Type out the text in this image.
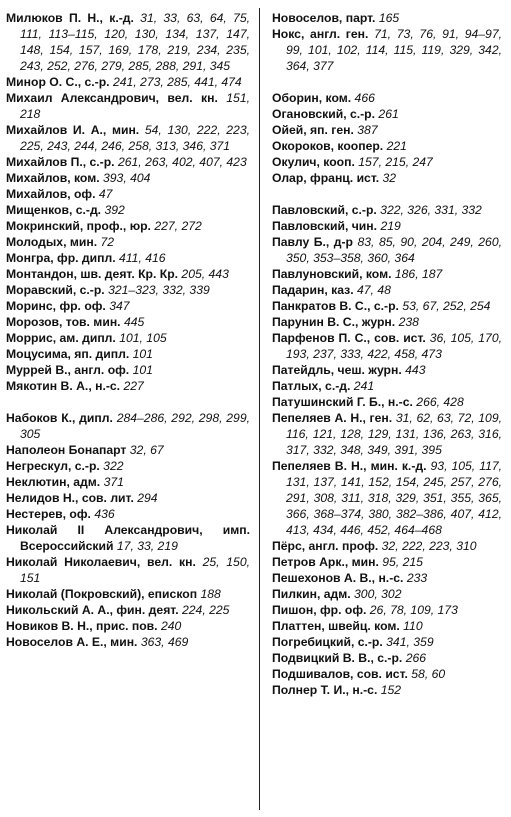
Милюков П. Н., к.-д. 31, 33, 63, 64, 75, 111, 113–115, 120, 130, 134, 137, 147, 148, 154, 157, 169, 178, 219, 234, 235, 243, 252, 276, 279, 285, 288, 291, 345

Минор О. С., с.-р. 241, 273, 285, 441, 474

Михаил Александрович, вел. кн. 151, 218

Михайлов И. А., мин. 54, 130, 222, 223, 225, 243, 244, 246, 258, 313, 346, 371

Михайлов П., с.-р. 261, 263, 402, 407, 423

Михайлов, ком. 393, 404

Михайлов, оф. 47

Мищенков, с.-д. 392

Мокринский, проф., юр. 227, 272

Молодых, мин. 72

Монгра, фр. дипл. 411, 416

Монтандон, шв. деят. Кр. Кр. 205, 443

Моравский, с.-р. 321–323, 332, 339

Моринс, фр. оф. 347

Морозов, тов. мин. 445

Моррис, ам. дипл. 101, 105

Моцусима, яп. дипл. 101

Муррей В., англ. оф. 101

Мякотин В. А., н.-с. 227

Набоков К., дипл. 284–286, 292, 298, 299, 305

Наполеон Бонапарт 32, 67

Негрескул, с.-р. 322

Неклютин, адм. 371

Нелидов Н., сов. лит. 294

Нестерев, оф. 436

Николай II Александрович, имп. Всероссийский 17, 33, 219

Николай Николаевич, вел. кн. 25, 150, 151

Николай (Покровский), епископ 188

Никольский А. А., фин. деят. 224, 225

Новиков В. Н., прис. пов. 240

Новоселов А. Е., мин. 363, 469

Новоселов, парт. 165

Нокс, англ. ген. 71, 73, 76, 91, 94–97, 99, 101, 102, 114, 115, 119, 329, 342, 364, 377

Оборин, ком. 466

Огановский, с.-р. 261

Ойей, яп. ген. 387

Окороков, коопер. 221

Окулич, кооп. 157, 215, 247

Олар, франц. ист. 32

Павловский, с.-р. 322, 326, 331, 332

Павловский, чин. 219

Павлу Б., д-р 83, 85, 90, 204, 249, 260, 350, 353–358, 360, 364

Павлуновский, ком. 186, 187

Падарин, каз. 47, 48

Панкратов В. С., с.-р. 53, 67, 252, 254

Парунин В. С., журн. 238

Парфенов П. С., сов. ист. 36, 105, 170, 193, 237, 333, 422, 458, 473

Патейдль, чеш. журн. 443

Патлых, с.-д. 241

Патушинский Г. Б., н.-с. 266, 428

Пепеляев А. Н., ген. 31, 62, 63, 72, 109, 116, 121, 128, 129, 131, 136, 263, 316, 317, 332, 348, 349, 391, 395

Пепеляев В. Н., мин. к.-д. 93, 105, 117, 131, 137, 141, 152, 154, 245, 257, 276, 291, 308, 311, 318, 329, 351, 355, 365, 366, 368–374, 380, 382–386, 407, 412, 413, 434, 446, 452, 464–468

Пёрс, англ. проф. 32, 222, 223, 310

Петров Арк., мин. 95, 215

Пешехонов А. В., н.-с. 233

Пилкин, адм. 300, 302

Пишон, фр. оф. 26, 78, 109, 173

Платтен, швейц. ком. 110

Погребицкий, с.-р. 341, 359

Подвицкий В. В., с.-р. 266

Подшивалов, сов. ист. 58, 60

Полнер Т. И., н.-с. 152
